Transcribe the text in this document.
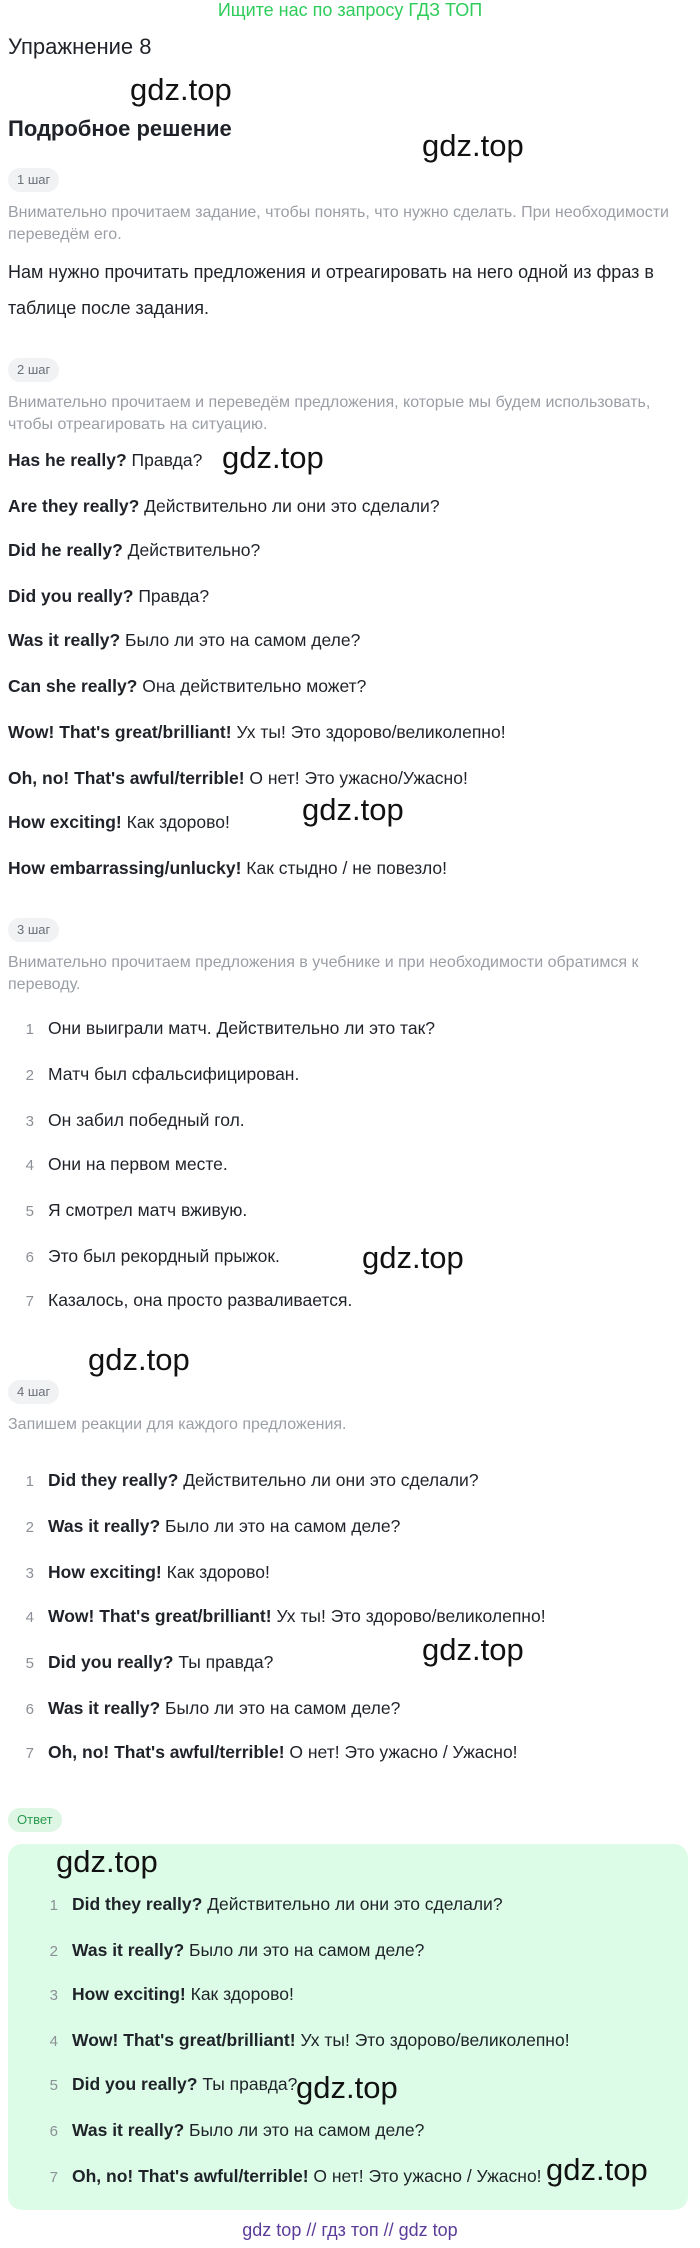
Ищите нас по запросу ГДЗ ТОП
Упражнение 8
Подробное решение
gdz.top
gdz.top
gdz.top
gdz.top
gdz.top
gdz.top
gdz.top
1 шаг
Внимательно прочитаем задание, чтобы понять, что нужно сделать. При необходимости переведём его.
Нам нужно прочитать предложения и отреагировать на него одной из фраз в таблице после задания.
2 шаг
Внимательно прочитаем и переведём предложения, которые мы будем использовать, чтобы отреагировать на ситуацию.
Has he really? Правда?
Are they really? Действительно ли они это сделали?
Did he really? Действительно?
Did you really? Правда?
Was it really? Было ли это на самом деле?
Can she really? Она действительно может?
Wow! That's great/brilliant! Ух ты! Это здорово/великолепно!
Oh, no! That's awful/terrible! О нет! Это ужасно/Ужасно!
How exciting! Как здорово!
How embarrassing/unlucky! Как стыдно / не повезло!
3 шаг
Внимательно прочитаем предложения в учебнике и при необходимости обратимся к переводу.
1 Они выиграли матч. Действительно ли это так?
2 Матч был сфальсифицирован.
3 Он забил победный гол.
4 Они на первом месте.
5 Я смотрел матч вживую.
6 Это был рекордный прыжок.
7 Казалось, она просто разваливается.
4 шаг
Запишем реакции для каждого предложения.
1 Did they really? Действительно ли они это сделали?
2 Was it really? Было ли это на самом деле?
3 How exciting! Как здорово!
4 Wow! That's great/brilliant! Ух ты! Это здорово/великолепно!
5 Did you really? Ты правда?
6 Was it really? Было ли это на самом деле?
7 Oh, no! That's awful/terrible! О нет! Это ужасно / Ужасно!
Ответ
gdz.top
gdz.top
gdz.top
1 Did they really? Действительно ли они это сделали?
2 Was it really? Было ли это на самом деле?
3 How exciting! Как здорово!
4 Wow! That's great/brilliant! Ух ты! Это здорово/великолепно!
5 Did you really? Ты правда?
6 Was it really? Было ли это на самом деле?
7 Oh, no! That's awful/terrible! О нет! Это ужасно / Ужасно!
gdz top // гдз топ // gdz top
